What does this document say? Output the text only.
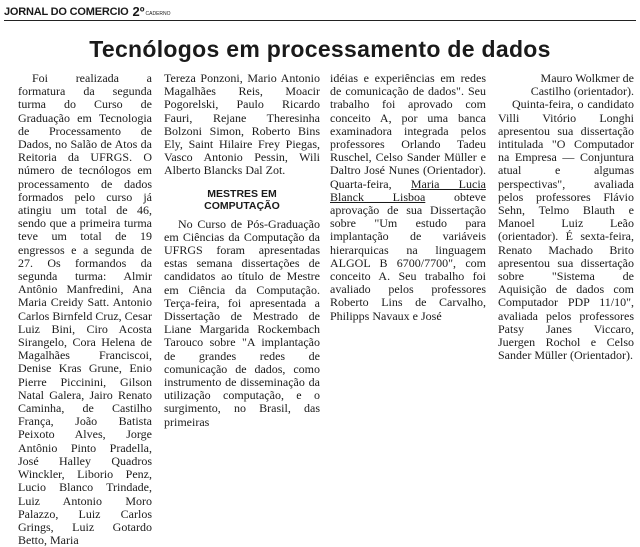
JORNAL DO COMERCIO 2º CADERNO
Tecnólogos em processamento de dados

Foi realizada a formatura da segunda turma do Curso de Graduação em Tecnologia de Processamento de Dados, no Salão de Atos da Reitoria da UFRGS. O número de tecnólogos em processamento de dados formados pelo curso já atingiu um total de 46, sendo que a primeira turma teve um total de 19 engressos e a segunda de 27. Os formandos da segunda turma: Almir Antônio Manfredini, Ana Maria Creidy Satt. Antonio Carlos Birnfeld Cruz, Cesar Luiz Bini, Ciro Acosta Sirangelo, Cora Helena de Magalhães Franciscoi, Denise Kras Grune, Enio Pierre Piccinini, Gilson Natal Galera, Jairo Renato Caminha, de Castilho França, João Batista Peixoto Alves, Jorge Antônio Pinto Pradella, José Halley Quadros Winckler, Liborio Penz, Lucio Blanco Trindade, Luiz Antonio Moro Palazzo, Luiz Carlos Grings, Luiz Gotardo Betto, Maria

Tereza Ponzoni, Mario Antonio Magalhães Reis, Moacir Pogorelski, Paulo Ricardo Fauri, Rejane Theresinha Bolzoni Simon, Roberto Bins Ely, Saint Hilaire Frey Piegas, Vasco Antonio Pessin, Wili Alberto Blancks Dal Zot.

MESTRES EM
COMPUTAÇÃO

No Curso de Pós-Graduação em Ciências da Computação da UFRGS foram apresentadas estas semana dissertações de candidatos ao título de Mestre em Ciência da Computação. Terça-feira, foi apresentada a Dissertação de Mestrado de Liane Margarida Rockembach Tarouco sobre "A implantação de grandes redes de comunicação de dados, como instrumento de disseminação da utilização computação, e o surgimento, no Brasil, das primeiras

idéias e experiências em redes de comunicação de dados". Seu trabalho foi aprovado com conceito A, por uma banca examinadora integrada pelos professores Orlando Tadeu Ruschel, Celso Sander Müller e Daltro José Nunes (Orientador). Quarta-feira, Maria Lucia Blanck Lisboa obteve aprovação de sua Dissertação sobre "Um estudo para implantação de variáveis hierarquicas na linguagem ALGOL B 6700/7700", com conceito A. Seu trabalho foi avaliado pelos professores Roberto Lins de Carvalho, Philipps Navaux e José

Mauro Wolkmer de Castilho (orientador).

Quinta-feira, o candidato Villi Vitório Longhi apresentou sua dissertação intitulada "O Computador na Empresa — Conjuntura atual e algumas perspectivas", avaliada pelos professores Flávio Sehn, Telmo Blauth e Manoel Luiz Leão (orientador). É sexta-feira, Renato Machado Brito apresentou sua dissertação sobre "Sistema de Aquisição de dados com Computador PDP 11/10", avaliada pelos professores Patsy Janes Viccaro, Juergen Rochol e Celso Sander Müller (Orientador).
